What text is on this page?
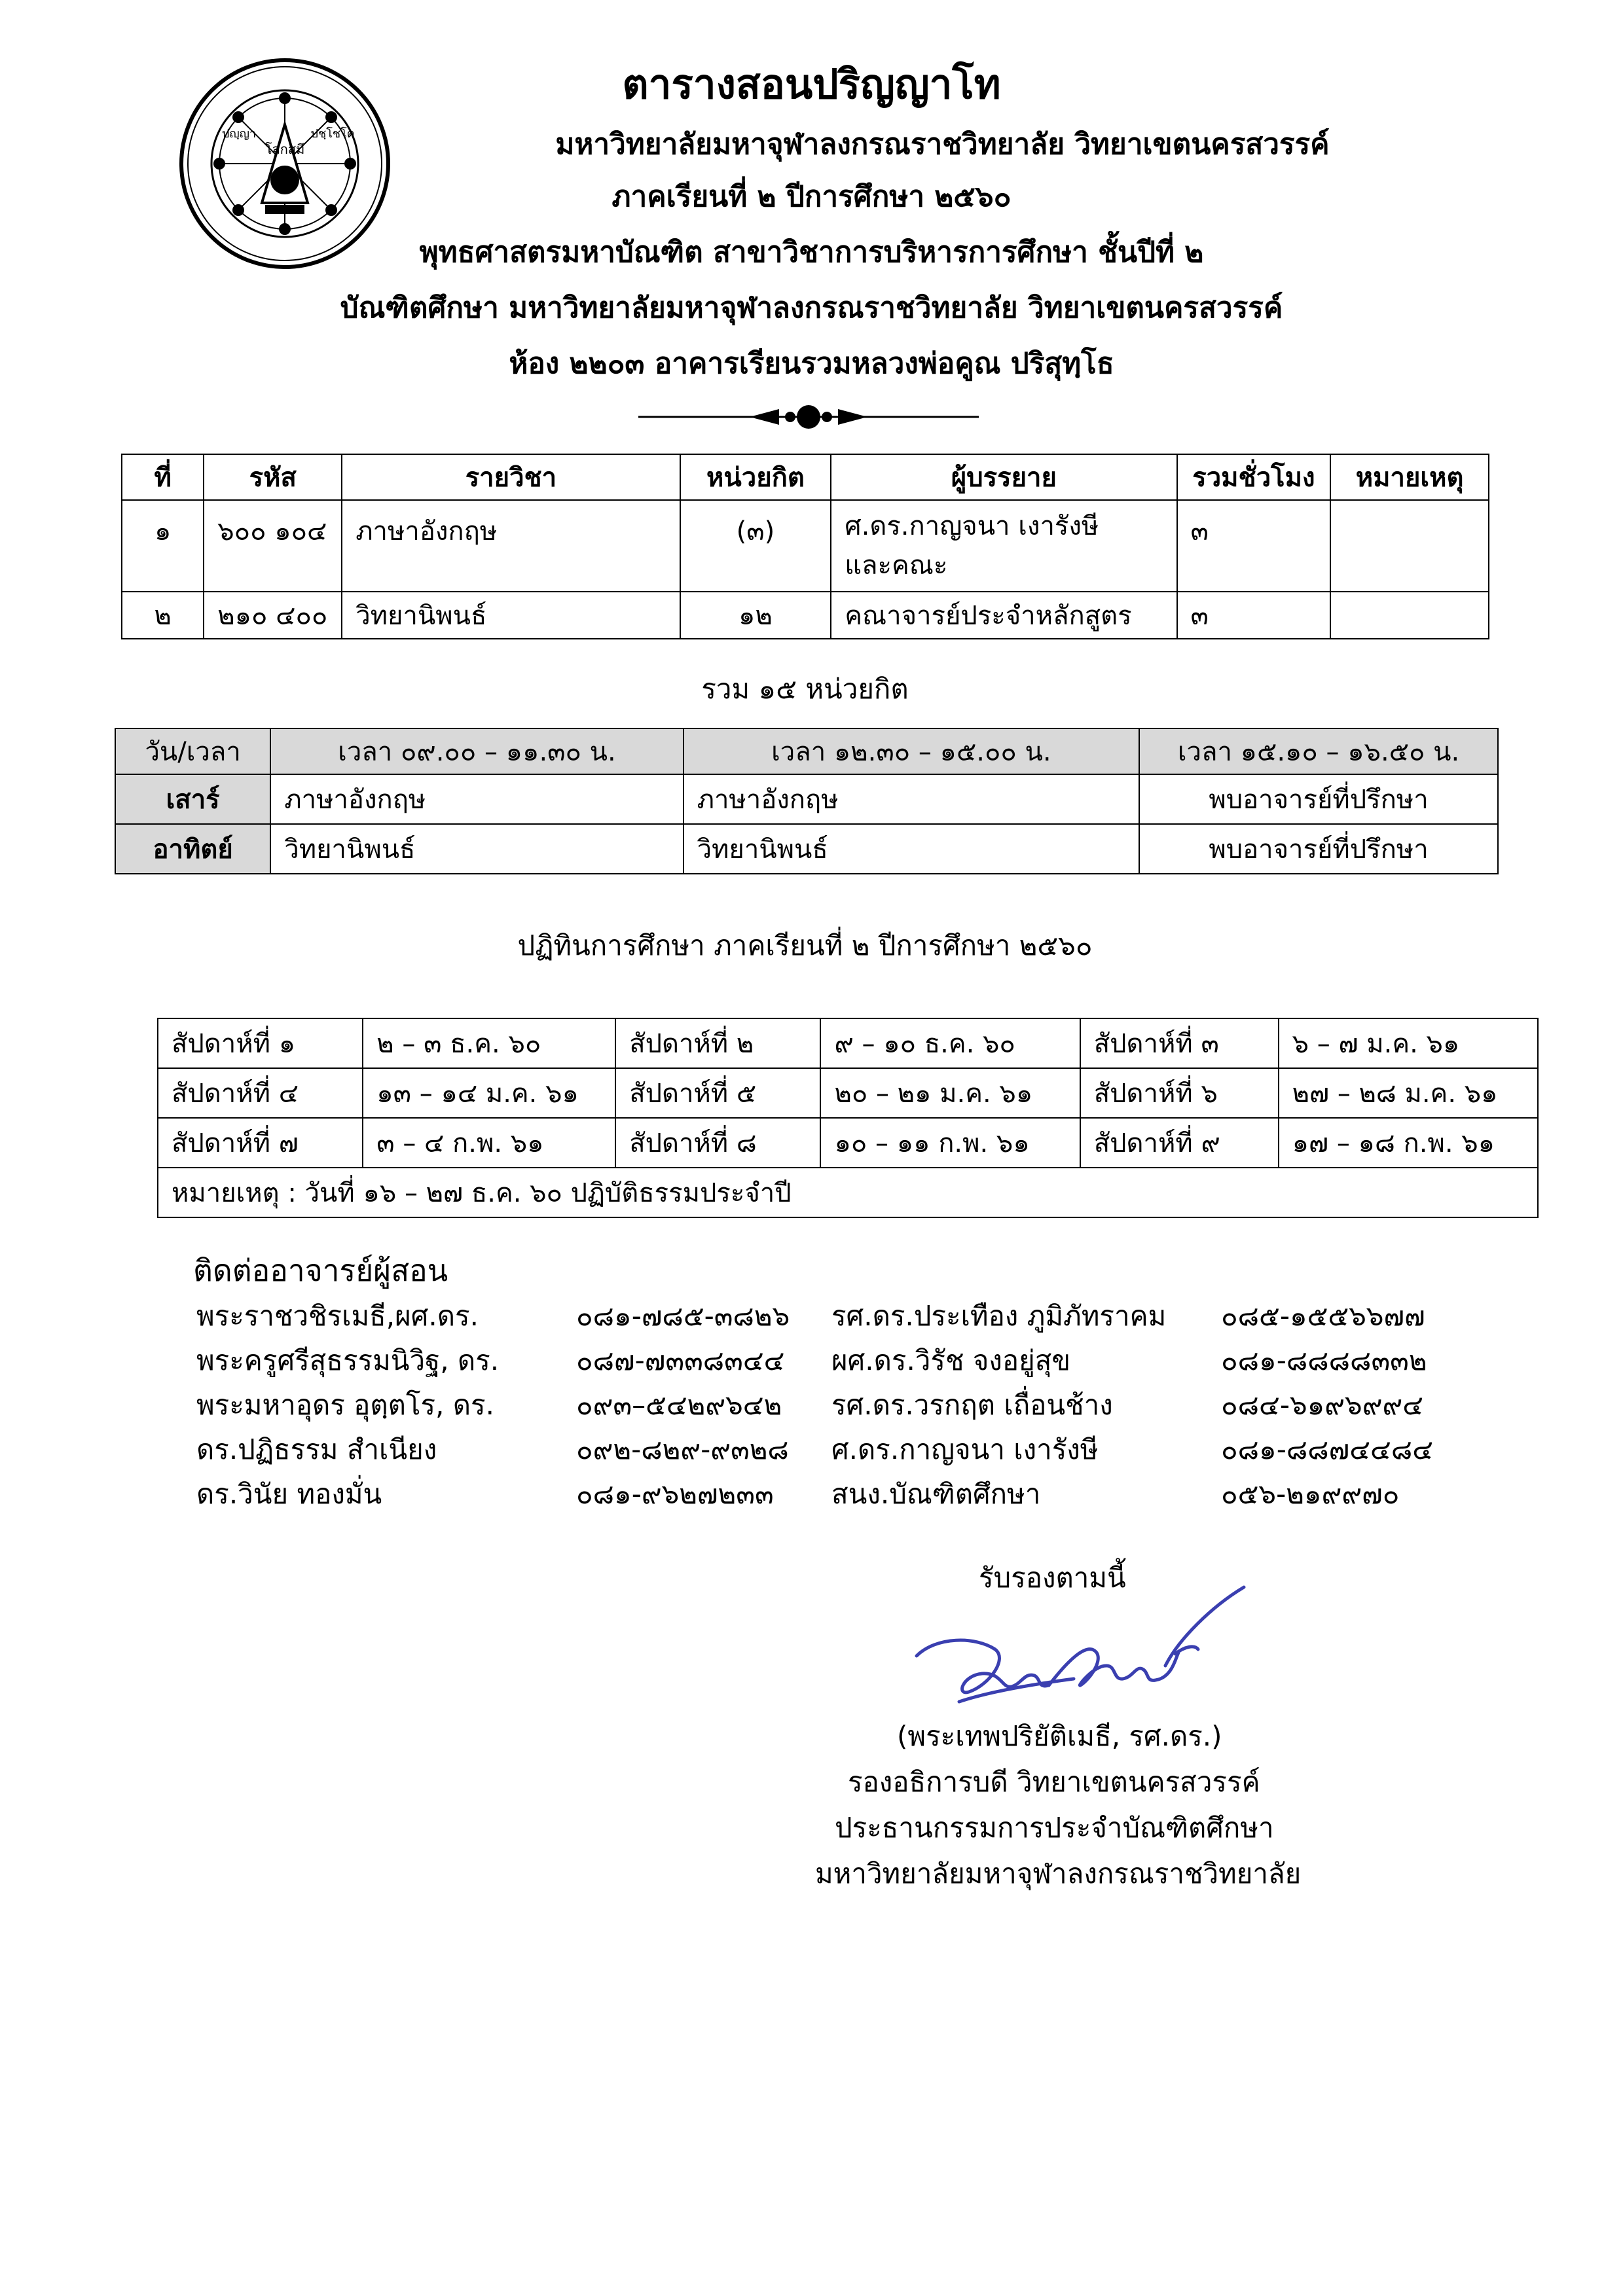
โลกสฺมึ
ปญฺญา	ปชฺโชโต
ตารางสอนปริญญาโท
มหาวิทยาลัยมหาจุฬาลงกรณราชวิทยาลัย วิทยาเขตนครสวรรค์
ภาคเรียนที่ ๒ ปีการศึกษา ๒๕๖๐
พุทธศาสตรมหาบัณฑิต สาขาวิชาการบริหารการศึกษา ชั้นปีที่ ๒
บัณฑิตศึกษา มหาวิทยาลัยมหาจุฬาลงกรณราชวิทยาลัย วิทยาเขตนครสวรรค์
ห้อง ๒๒๐๓ อาคารเรียนรวมหลวงพ่อคูณ ปริสุทฺโธ
ที่	รหัส	รายวิชา	หน่วยกิต	ผู้บรรยาย	รวมชั่วโมง	หมายเหตุ
๑	๖๐๐ ๑๐๔	ภาษาอังกฤษ	(๓)	ศ.ดร.กาญจนา เงารังษี
และคณะ	๓	
๒	๒๑๐ ๔๐๐	วิทยานิพนธ์	๑๒	คณาจารย์ประจำหลักสูตร	๓	
รวม ๑๕ หน่วยกิต
วัน/เวลา	เวลา ๐๙.๐๐ – ๑๑.๓๐ น.	เวลา ๑๒.๓๐ – ๑๕.๐๐ น.	เวลา ๑๕.๑๐ – ๑๖.๕๐ น.
เสาร์	ภาษาอังกฤษ	ภาษาอังกฤษ	พบอาจารย์ที่ปรึกษา
อาทิตย์	วิทยานิพนธ์	วิทยานิพนธ์	พบอาจารย์ที่ปรึกษา
ปฏิทินการศึกษา ภาคเรียนที่ ๒ ปีการศึกษา ๒๕๖๐
สัปดาห์ที่ ๑	๒ – ๓ ธ.ค. ๖๐	สัปดาห์ที่ ๒	๙ – ๑๐ ธ.ค. ๖๐	สัปดาห์ที่ ๓	๖ – ๗ ม.ค. ๖๑
สัปดาห์ที่ ๔	๑๓ – ๑๔ ม.ค. ๖๑	สัปดาห์ที่ ๕	๒๐ – ๒๑ ม.ค. ๖๑	สัปดาห์ที่ ๖	๒๗ – ๒๘ ม.ค. ๖๑
สัปดาห์ที่ ๗	๓ – ๔ ก.พ. ๖๑	สัปดาห์ที่ ๘	๑๐ – ๑๑ ก.พ. ๖๑	สัปดาห์ที่ ๙	๑๗ – ๑๘ ก.พ. ๖๑
หมายเหตุ : วันที่ ๑๖ – ๒๗ ธ.ค. ๖๐ ปฏิบัติธรรมประจำปี					
ติดต่ออาจารย์ผู้สอน
พระราชวชิรเมธี,ผศ.ดร.	๐๘๑-๗๘๕-๓๘๒๖ รศ.ดร.ประเทือง ภูมิภัทราคม ๐๘๕-๑๕๕๖๖๗๗
พระครูศรีสุธรรมนิวิฐ, ดร.	๐๘๗-๗๓๓๘๓๔๔ ผศ.ดร.วิรัช จงอยู่สุข	๐๘๑-๘๘๘๘๓๓๒
พระมหาอุดร อุตฺตโร, ดร.	๐๙๓–๕๔๒๙๖๔๒ รศ.ดร.วรกฤต เถื่อนช้าง	๐๘๔-๖๑๙๖๙๙๔
ดร.ปฏิธรรม สำเนียง	๐๙๒-๘๒๙-๙๓๒๘ ศ.ดร.กาญจนา เงารังษี	๐๘๑-๘๘๗๔๔๘๔
ดร.วินัย ทองมั่น	๐๘๑-๙๖๒๗๒๓๓ สนง.บัณฑิตศึกษา	๐๕๖-๒๑๙๙๗๐
รับรองตามนี้
(พระเทพปริยัติเมธี, รศ.ดร.)
รองอธิการบดี วิทยาเขตนครสวรรค์
ประธานกรรมการประจำบัณฑิตศึกษา
มหาวิทยาลัยมหาจุฬาลงกรณราชวิทยาลัย
